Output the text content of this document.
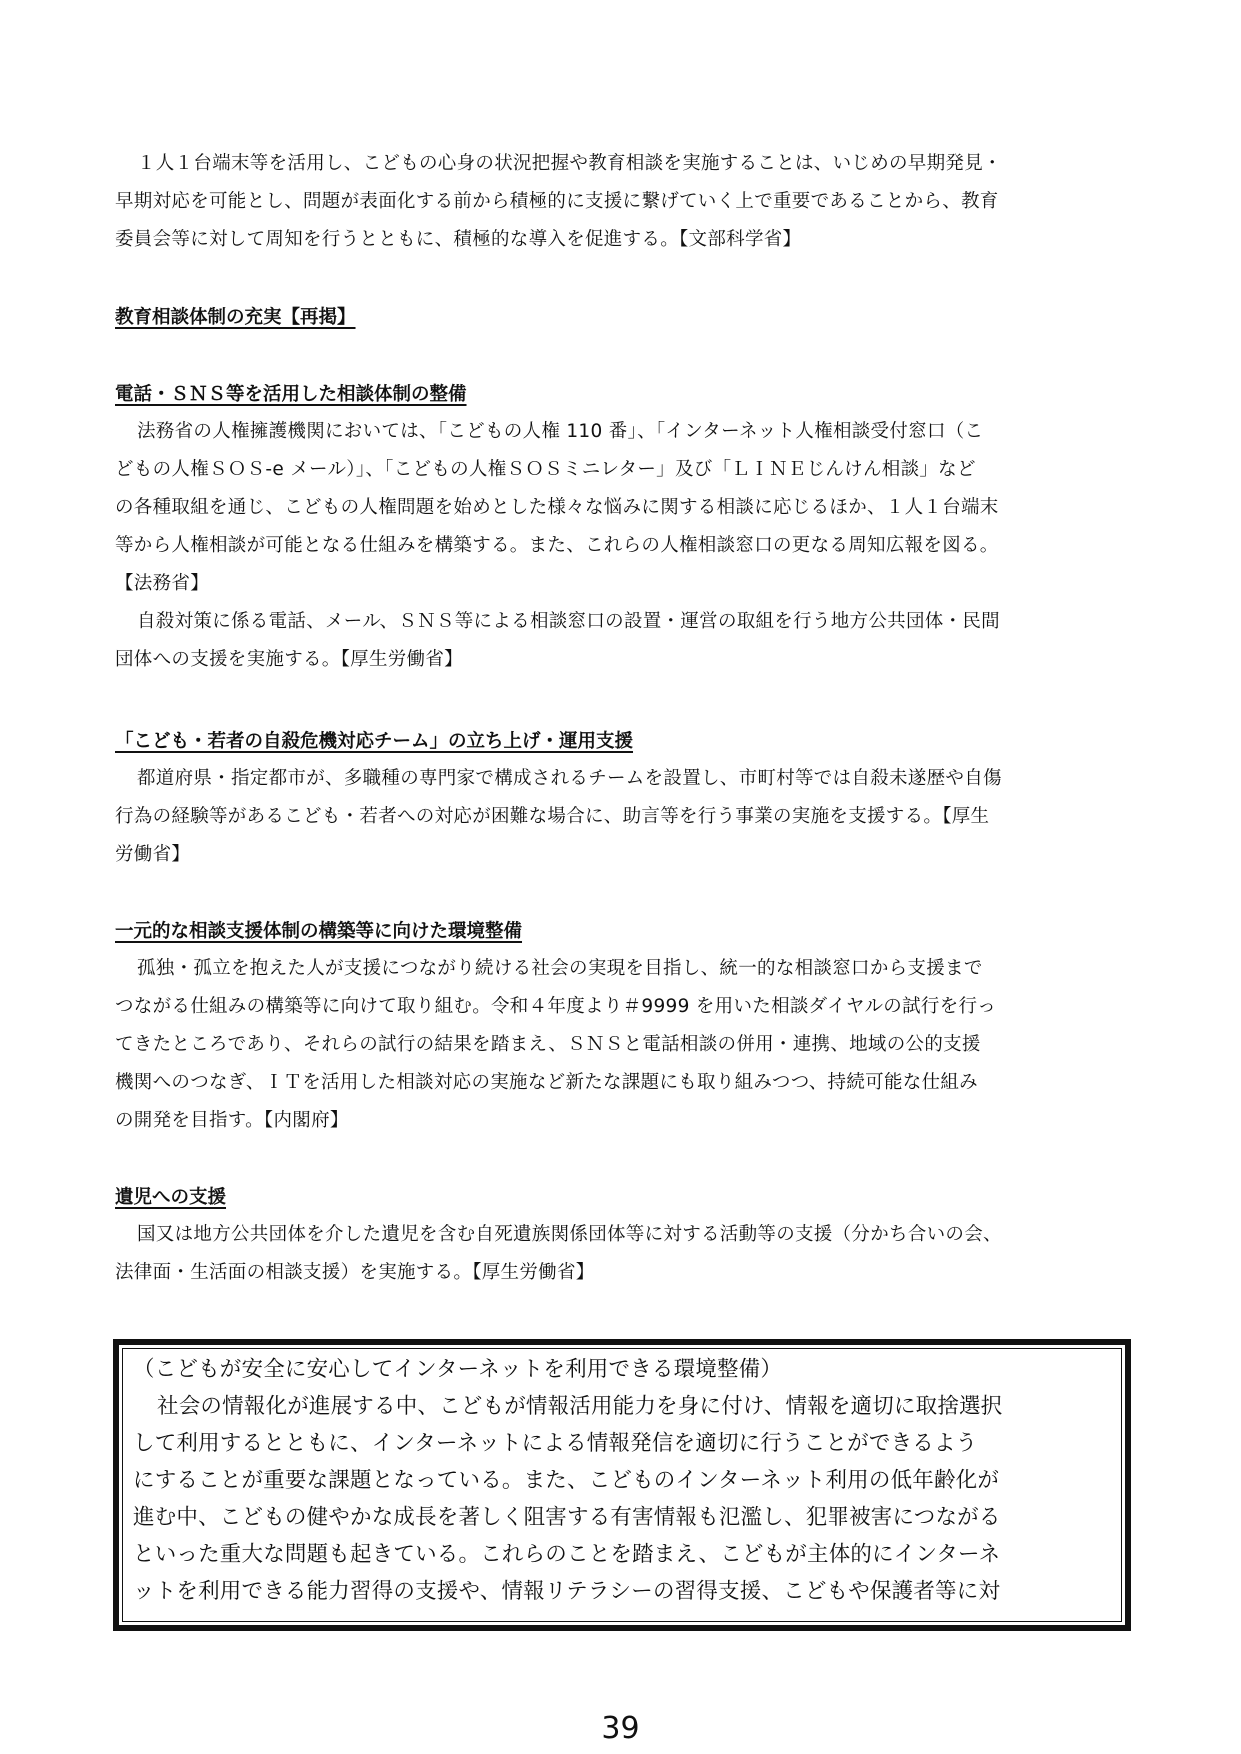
１人１台端末等を活用し、こどもの心身の状況把握や教育相談を実施することは、いじめの早期発見・
早期対応を可能とし、問題が表面化する前から積極的に支援に繋げていく上で重要であることから、教育
委員会等に対して周知を行うとともに、積極的な導入を促進する。【文部科学省】
教育相談体制の充実【再掲】
電話・ＳＮＳ等を活用した相談体制の整備
法務省の人権擁護機関においては、「こどもの人権 110 番」、「インターネット人権相談受付窓口（こ
どもの人権ＳＯＳ-e メール）」、「こどもの人権ＳＯＳミニレター」及び「ＬＩＮＥじんけん相談」など
の各種取組を通じ、こどもの人権問題を始めとした様々な悩みに関する相談に応じるほか、１人１台端末
等から人権相談が可能となる仕組みを構築する。また、これらの人権相談窓口の更なる周知広報を図る。
【法務省】
自殺対策に係る電話、メール、ＳＮＳ等による相談窓口の設置・運営の取組を行う地方公共団体・民間
団体への支援を実施する。【厚生労働省】
「こども・若者の自殺危機対応チーム」の立ち上げ・運用支援
都道府県・指定都市が、多職種の専門家で構成されるチームを設置し、市町村等では自殺未遂歴や自傷
行為の経験等があるこども・若者への対応が困難な場合に、助言等を行う事業の実施を支援する。【厚生
労働省】
一元的な相談支援体制の構築等に向けた環境整備
孤独・孤立を抱えた人が支援につながり続ける社会の実現を目指し、統一的な相談窓口から支援まで
つながる仕組みの構築等に向けて取り組む。令和４年度より＃9999 を用いた相談ダイヤルの試行を行っ
てきたところであり、それらの試行の結果を踏まえ、ＳＮＳと電話相談の併用・連携、地域の公的支援
機関へのつなぎ、ＩＴを活用した相談対応の実施など新たな課題にも取り組みつつ、持続可能な仕組み
の開発を目指す。【内閣府】
遺児への支援
国又は地方公共団体を介した遺児を含む自死遺族関係団体等に対する活動等の支援（分かち合いの会、
法律面・生活面の相談支援）を実施する。【厚生労働省】
（こどもが安全に安心してインターネットを利用できる環境整備）
社会の情報化が進展する中、こどもが情報活用能力を身に付け、情報を適切に取捨選択
して利用するとともに、インターネットによる情報発信を適切に行うことができるよう
にすることが重要な課題となっている。また、こどものインターネット利用の低年齢化が
進む中、こどもの健やかな成長を著しく阻害する有害情報も氾濫し、犯罪被害につながる
といった重大な問題も起きている。これらのことを踏まえ、こどもが主体的にインターネ
ットを利用できる能力習得の支援や、情報リテラシーの習得支援、こどもや保護者等に対
39
